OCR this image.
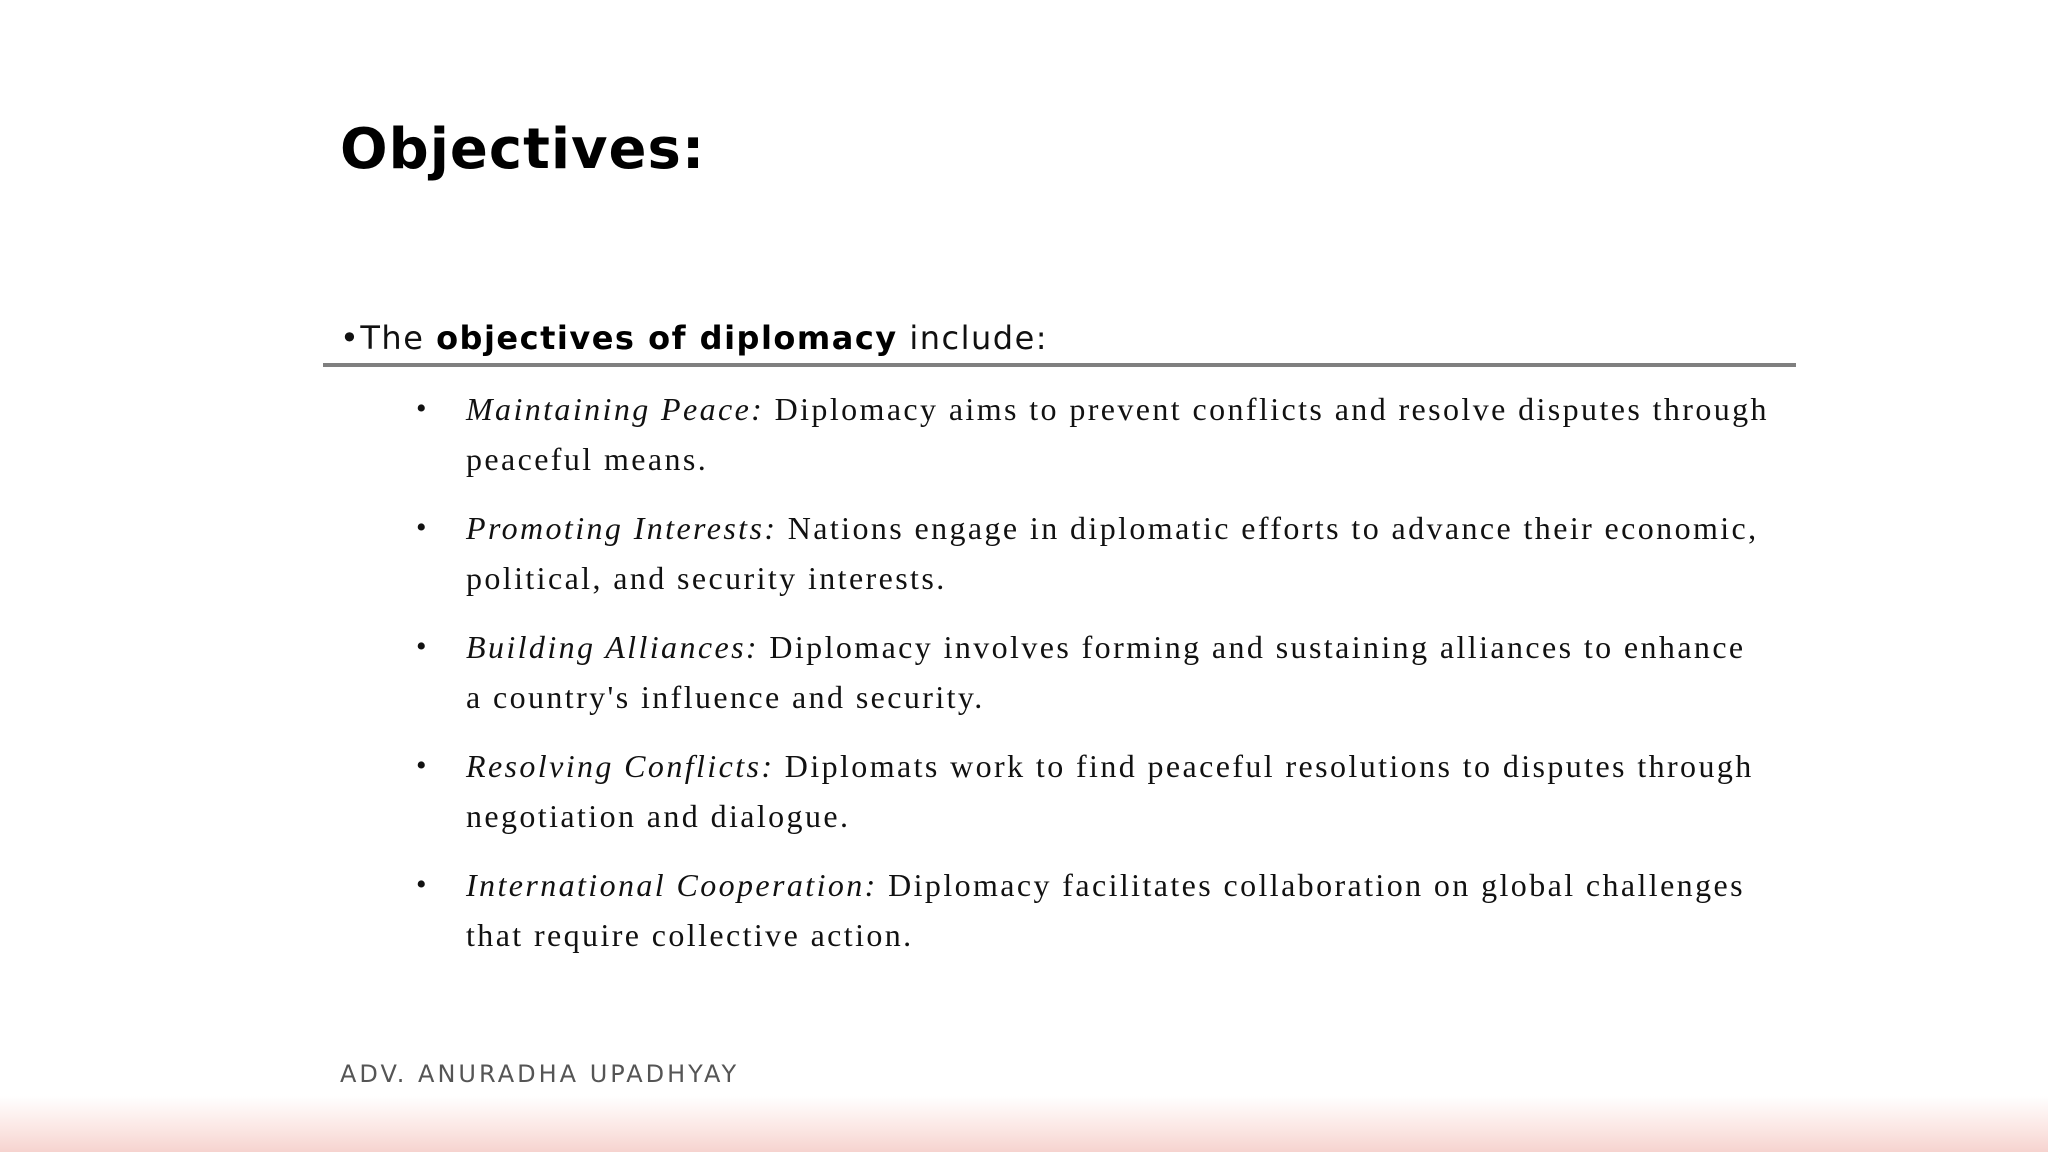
Objectives:
•The objectives of diplomacy include:
• Maintaining Peace: Diplomacy aims to prevent conflicts and resolve disputes through peaceful means.
• Promoting Interests: Nations engage in diplomatic efforts to advance their economic, political, and security interests.
• Building Alliances: Diplomacy involves forming and sustaining alliances to enhance a country's influence and security.
• Resolving Conflicts: Diplomats work to find peaceful resolutions to disputes through negotiation and dialogue.
• International Cooperation: Diplomacy facilitates collaboration on global challenges that require collective action.
ADV. ANURADHA UPADHYAY
